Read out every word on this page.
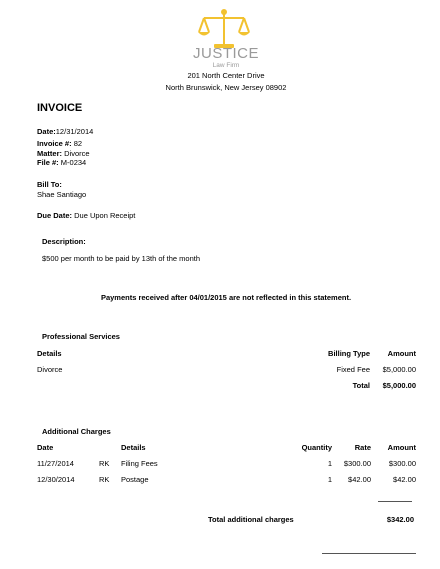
JUSTICE
Law Firm
201 North Center Drive
North Brunswick, New Jersey 08902
INVOICE
Date:12/31/2014
Invoice #: 82
Matter: Divorce
File #: M-0234
Bill To:
Shae Santiago
Due Date: Due Upon Receipt
Description:
$500 per month to be paid by 13th of the month
Payments received after 04/01/2015 are not reflected in this statement.
Professional Services
Details	Billing Type	Amount
Divorce	Fixed Fee	$5,000.00
Total	$5,000.00
Additional Charges
Date	Details	Quantity	Rate	Amount
11/27/2014	RK Filing Fees	1	$300.00	$300.00
12/30/2014	RK Postage	1	$42.00	$42.00
Total additional charges	$342.00
